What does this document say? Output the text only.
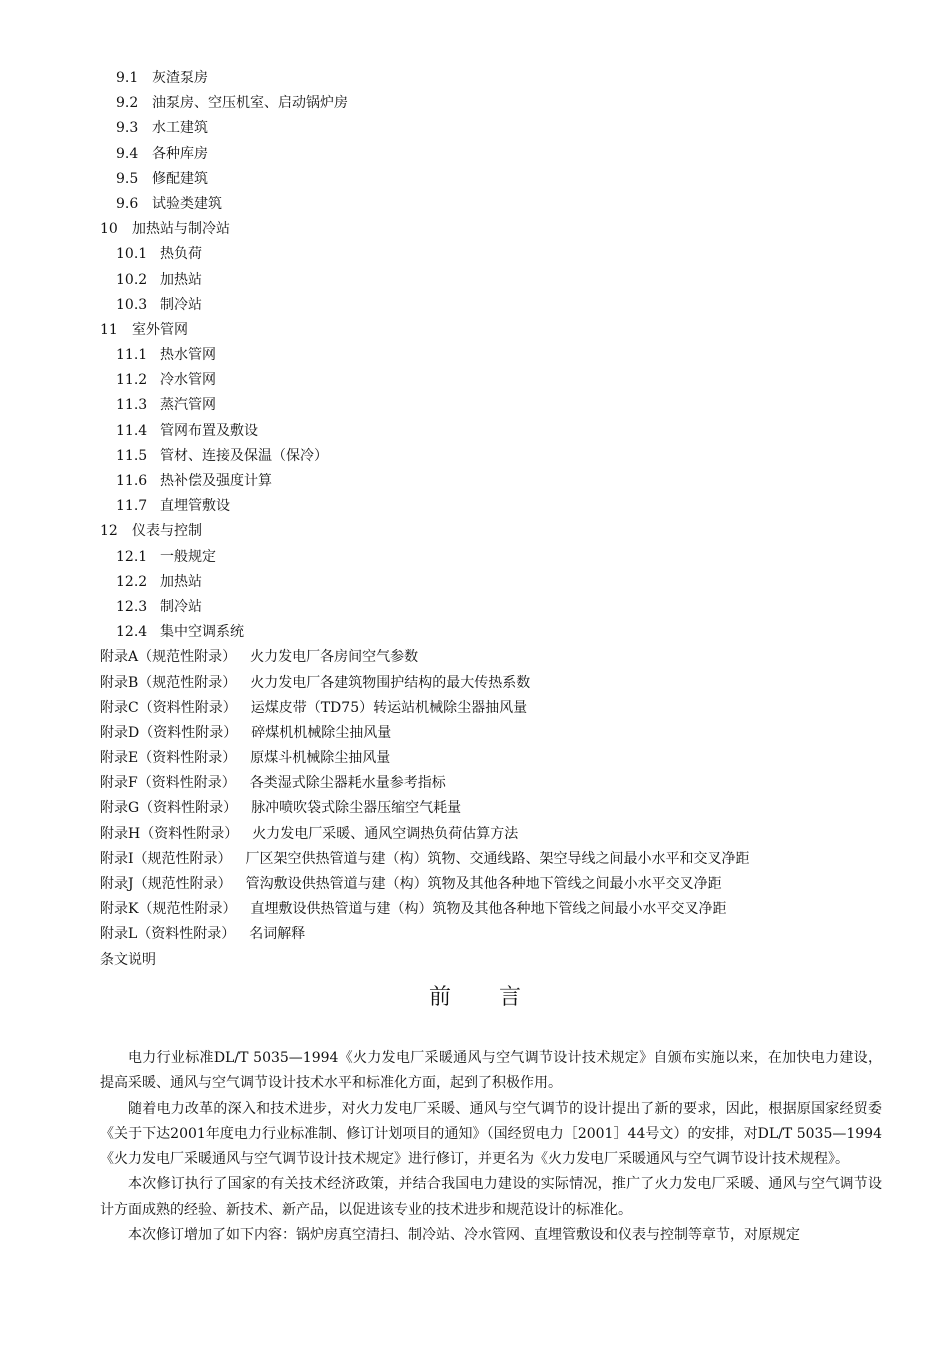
9.1 灰渣泵房
9.2 油泵房、空压机室、启动锅炉房
9.3 水工建筑
9.4 各种库房
9.5 修配建筑
9.6 试验类建筑
10 加热站与制冷站
10.1 热负荷
10.2 加热站
10.3 制冷站
11 室外管网
11.1 热水管网
11.2 冷水管网
11.3 蒸汽管网
11.4 管网布置及敷设
11.5 管材、连接及保温（保冷）
11.6 热补偿及强度计算
11.7 直埋管敷设
12 仪表与控制
12.1 一般规定
12.2 加热站
12.3 制冷站
12.4 集中空调系统
附录A（规范性附录） 火力发电厂各房间空气参数
附录B（规范性附录） 火力发电厂各建筑物围护结构的最大传热系数
附录C（资料性附录） 运煤皮带（TD75）转运站机械除尘器抽风量
附录D（资料性附录） 碎煤机机械除尘抽风量
附录E（资料性附录） 原煤斗机械除尘抽风量
附录F（资料性附录） 各类湿式除尘器耗水量参考指标
附录G（资料性附录） 脉冲喷吹袋式除尘器压缩空气耗量
附录H（资料性附录） 火力发电厂采暖、通风空调热负荷估算方法
附录I（规范性附录） 厂区架空供热管道与建（构）筑物、交通线路、架空导线之间最小水平和交叉净距
附录J（规范性附录） 管沟敷设供热管道与建（构）筑物及其他各种地下管线之间最小水平交叉净距
附录K（规范性附录） 直埋敷设供热管道与建（构）筑物及其他各种地下管线之间最小水平交叉净距
附录L（资料性附录） 名词解释
条文说明
前言

电力行业标准DL/T 5035—1994《火力发电厂采暖通风与空气调节设计技术规定》自颁布实施以来，在加快电力建设，提高采暖、通风与空气调节设计技术水平和标准化方面，起到了积极作用。

随着电力改革的深入和技术进步，对火力发电厂采暖、通风与空气调节的设计提出了新的要求，因此，根据原国家经贸委《关于下达2001年度电力行业标准制、修订计划项目的通知》（国经贸电力［2001］44号文）的安排，对DL/T 5035—1994《火力发电厂采暖通风与空气调节设计技术规定》进行修订，并更名为《火力发电厂采暖通风与空气调节设计技术规程》。

本次修订执行了国家的有关技术经济政策，并结合我国电力建设的实际情况，推广了火力发电厂采暖、通风与空气调节设计方面成熟的经验、新技术、新产品，以促进该专业的技术进步和规范设计的标准化。

本次修订增加了如下内容：锅炉房真空清扫、制冷站、冷水管网、直埋管敷设和仪表与控制等章节，对原规定
